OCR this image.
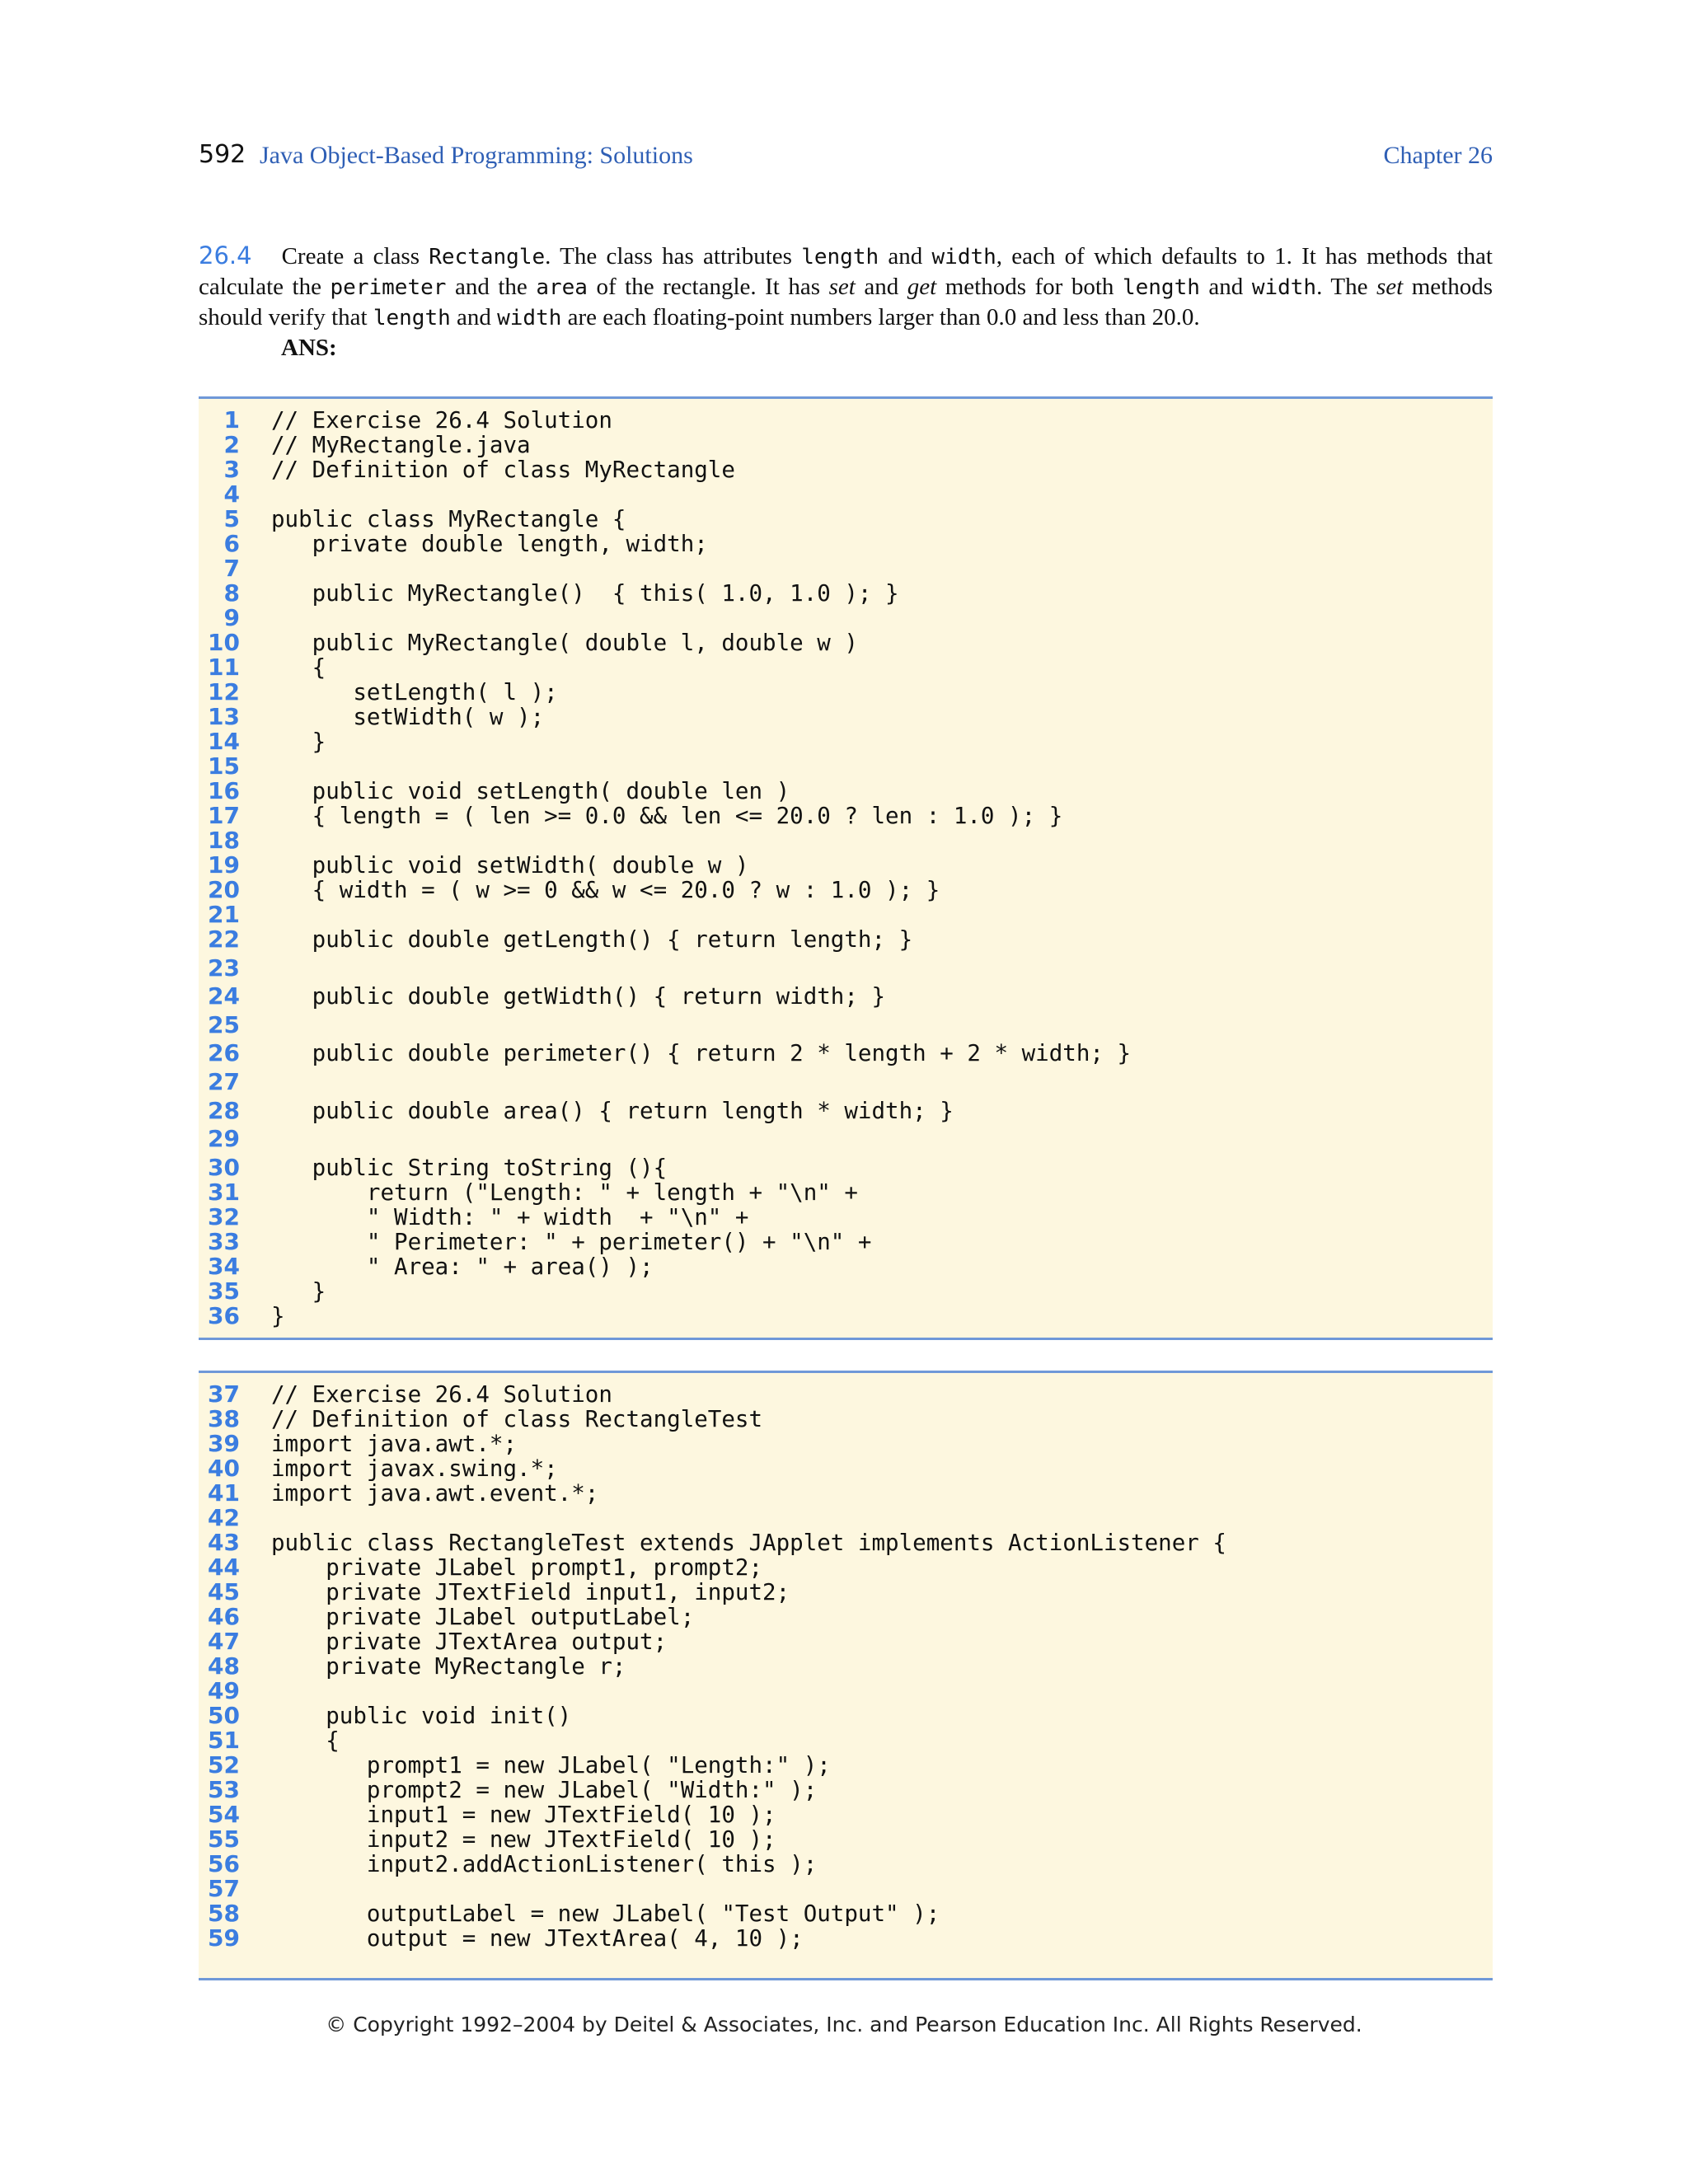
592 Java Object-Based Programming: Solutions	Chapter 26
26.4 Create a class Rectangle. The class has attributes length and width, each of which defaults to 1. It has methods that calculate the perimeter and the area of the rectangle. It has set and get methods for both length and width. The set methods should verify that length and width are each floating-point numbers larger than 0.0 and less than 20.0.
ANS:
1 // Exercise 26.4 Solution
2 // MyRectangle.java
3 // Definition of class MyRectangle
4
5 public class MyRectangle {
6 private double length, width;
7
8 public MyRectangle()  { this( 1.0, 1.0 ); }
9
10 public MyRectangle( double l, double w )
11 {
12 setLength( l );
13 setWidth( w );
14 }
15
16 public void setLength( double len )
17 { length = ( len >= 0.0 && len <= 20.0 ? len : 1.0 ); }
18
19 public void setWidth( double w )
20 { width = ( w >= 0 && w <= 20.0 ? w : 1.0 ); }
21
22 public double getLength() { return length; }
23
24 public double getWidth() { return width; }
25
26 public double perimeter() { return 2 * length + 2 * width; }
27
28 public double area() { return length * width; }
29
30 public String toString (){
31 return ("Length: " + length + "\n" +
32 " Width: " + width  + "\n" +
33 " Perimeter: " + perimeter() + "\n" +
34 " Area: " + area() );
35 }
36 }
37 // Exercise 26.4 Solution
38 // Definition of class RectangleTest
39 import java.awt.*;
40 import javax.swing.*;
41 import java.awt.event.*;
42
43 public class RectangleTest extends JApplet implements ActionListener {
44 private JLabel prompt1, prompt2;
45 private JTextField input1, input2;
46 private JLabel outputLabel;
47 private JTextArea output;
48 private MyRectangle r;
49
50 public void init()
51 {
52 prompt1 = new JLabel( "Length:" );
53 prompt2 = new JLabel( "Width:" );
54 input1 = new JTextField( 10 );
55 input2 = new JTextField( 10 );
56 input2.addActionListener( this );
57
58 outputLabel = new JLabel( "Test Output" );
59 output = new JTextArea( 4, 10 );
© Copyright 1992–2004 by Deitel & Associates, Inc. and Pearson Education Inc. All Rights Reserved.
